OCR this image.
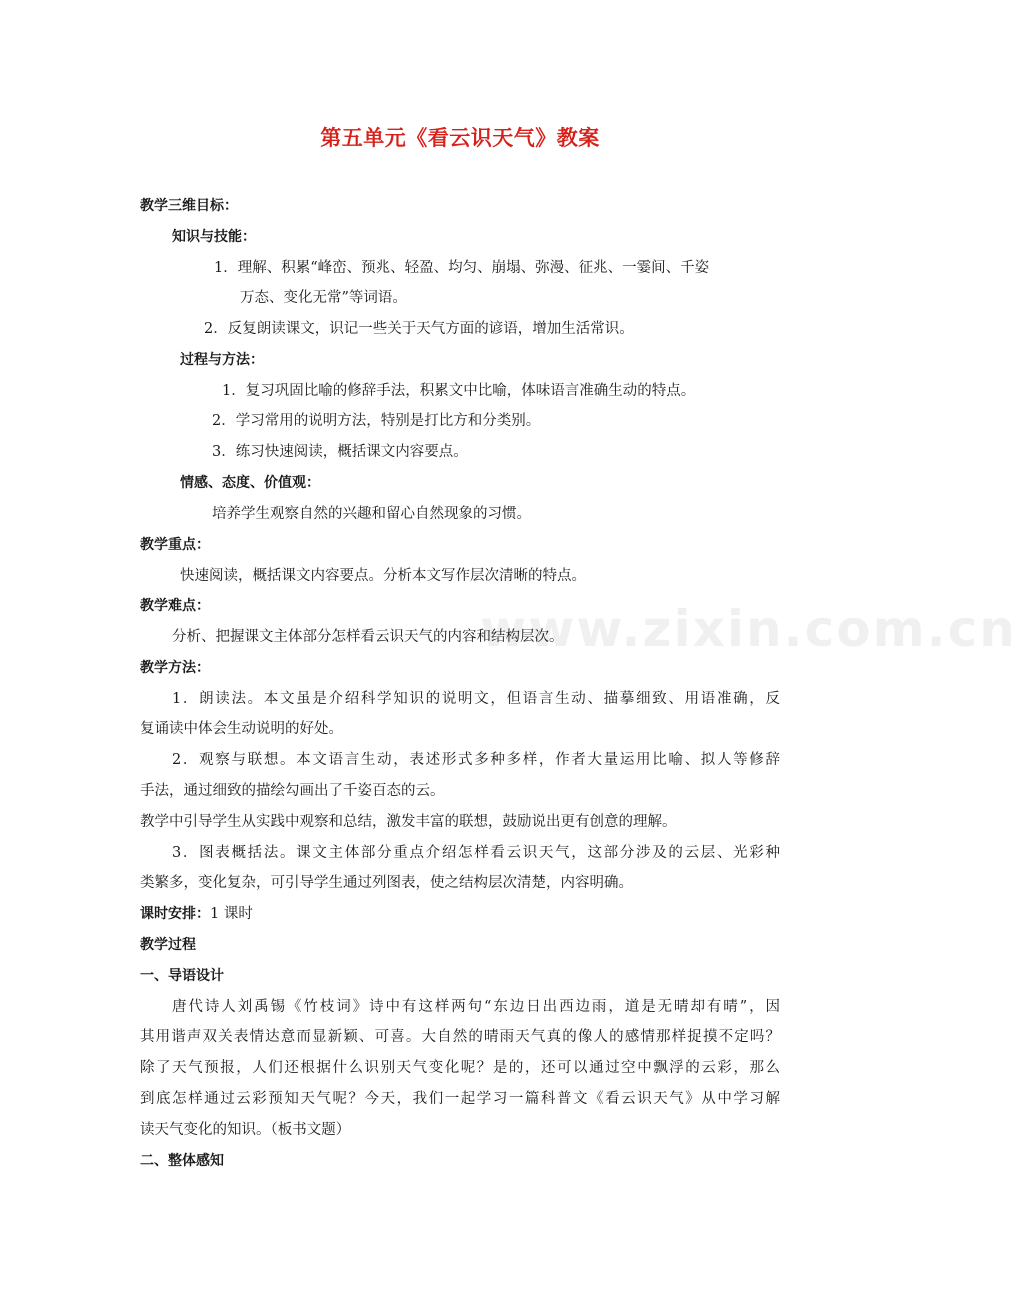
www.zixin.com.cn
第五单元《看云识天气》教案
教学三维目标：
知识与技能：
1．理解、积累“峰峦、预兆、轻盈、均匀、崩塌、弥漫、征兆、一霎间、千姿
万态、变化无常”等词语。
2．反复朗读课文，识记一些关于天气方面的谚语，增加生活常识。
过程与方法：
1．复习巩固比喻的修辞手法，积累文中比喻，体味语言准确生动的特点。
2．学习常用的说明方法，特别是打比方和分类别。
3．练习快速阅读，概括课文内容要点。
情感、态度、价值观：
培养学生观察自然的兴趣和留心自然现象的习惯。
教学重点：
快速阅读，概括课文内容要点。分析本文写作层次清晰的特点。
教学难点：
分析、把握课文主体部分怎样看云识天气的内容和结构层次。
教学方法：
1．朗读法。本文虽是介绍科学知识的说明文，但语言生动、描摹细致、用语准确，反
复诵读中体会生动说明的好处。
2．观察与联想。本文语言生动，表述形式多种多样，作者大量运用比喻、拟人等修辞
手法，通过细致的描绘勾画出了千姿百态的云。
教学中引导学生从实践中观察和总结，激发丰富的联想，鼓励说出更有创意的理解。
3．图表概括法。课文主体部分重点介绍怎样看云识天气，这部分涉及的云层、光彩种
类繁多，变化复杂，可引导学生通过列图表，使之结构层次清楚，内容明确。
课时安排：1 课时
教学过程
一、导语设计
唐代诗人刘禹锡《竹枝词》诗中有这样两句“东边日出西边雨，道是无晴却有晴”，因
其用谐声双关表情达意而显新颖、可喜。大自然的晴雨天气真的像人的感情那样捉摸不定吗？
除了天气预报，人们还根据什么识别天气变化呢？是的，还可以通过空中飘浮的云彩，那么
到底怎样通过云彩预知天气呢？今天，我们一起学习一篇科普文《看云识天气》从中学习解
读天气变化的知识。（板书文题）
二、整体感知
